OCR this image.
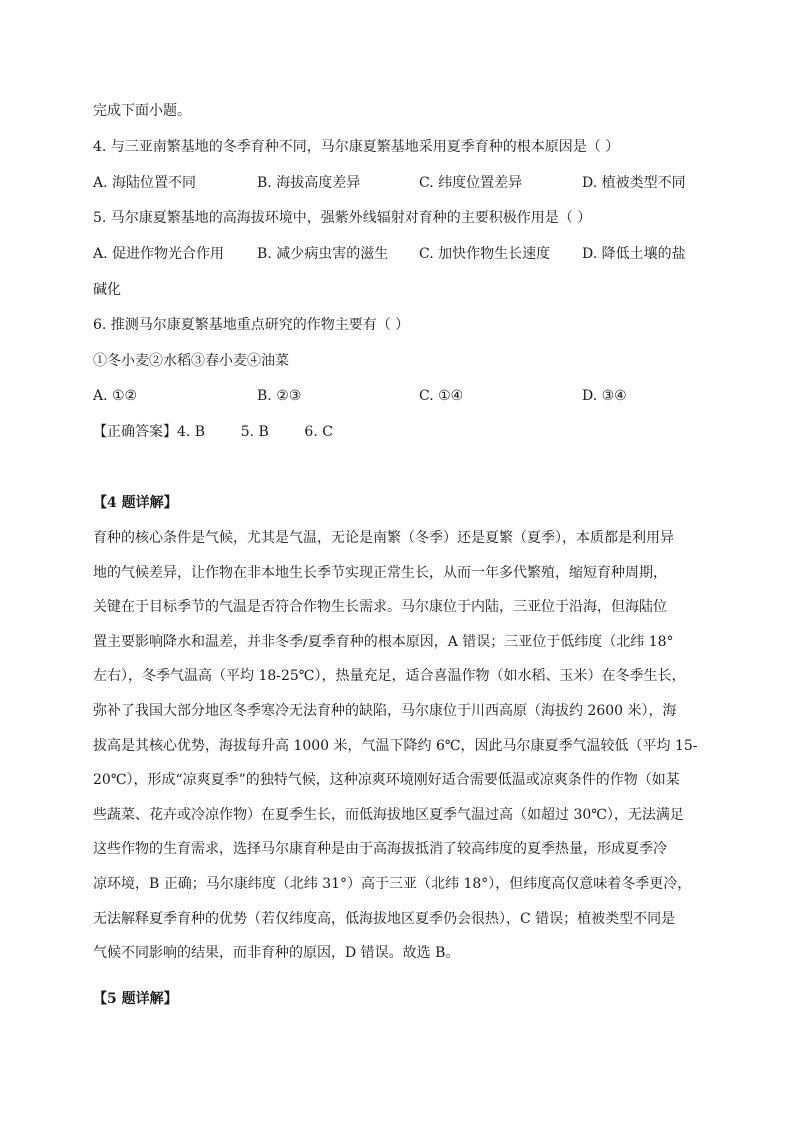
完成下面小题。
4. 与三亚南繁基地的冬季育种不同，马尔康夏繁基地采用夏季育种的根本原因是（ ）
A. 海陆位置不同	B. 海拔高度差异	C. 纬度位置差异	D. 植被类型不同
5. 马尔康夏繁基地的高海拔环境中，强紫外线辐射对育种的主要积极作用是（ ）
A. 促进作物光合作用 B. 减少病虫害的滋生 C. 加快作物生长速度 D. 降低土壤的盐
碱化
6. 推测马尔康夏繁基地重点研究的作物主要有（ ）
①冬小麦②水稻③春小麦④油菜
A. ①②	B. ②③	C. ①④	D. ③④
【正确答案】4. B        5. B        6. C
【4 题详解】
育种的核心条件是气候，尤其是气温，无论是南繁（冬季）还是夏繁（夏季），本质都是利用异
地的气候差异，让作物在非本地生长季节实现正常生长，从而一年多代繁殖，缩短育种周期，
关键在于目标季节的气温是否符合作物生长需求。马尔康位于内陆，三亚位于沿海，但海陆位
置主要影响降水和温差，并非冬季/夏季育种的根本原因，A 错误；三亚位于低纬度（北纬 18°
左右），冬季气温高（平均 18-25℃），热量充足，适合喜温作物（如水稻、玉米）在冬季生长，
弥补了我国大部分地区冬季寒冷无法育种的缺陷，马尔康位于川西高原（海拔约 2600 米），海
拔高是其核心优势，海拔每升高 1000 米，气温下降约 6℃，因此马尔康夏季气温较低（平均 15-
20℃），形成“凉爽夏季”的独特气候，这种凉爽环境刚好适合需要低温或凉爽条件的作物（如某
些蔬菜、花卉或冷凉作物）在夏季生长，而低海拔地区夏季气温过高（如超过 30℃），无法满足
这些作物的生育需求，选择马尔康育种是由于高海拔抵消了较高纬度的夏季热量，形成夏季冷
凉环境，B 正确；马尔康纬度（北纬 31°）高于三亚（北纬 18°），但纬度高仅意味着冬季更冷，
无法解释夏季育种的优势（若仅纬度高，低海拔地区夏季仍会很热），C 错误；植被类型不同是
气候不同影响的结果，而非育种的原因，D 错误。故选 B。
【5 题详解】
